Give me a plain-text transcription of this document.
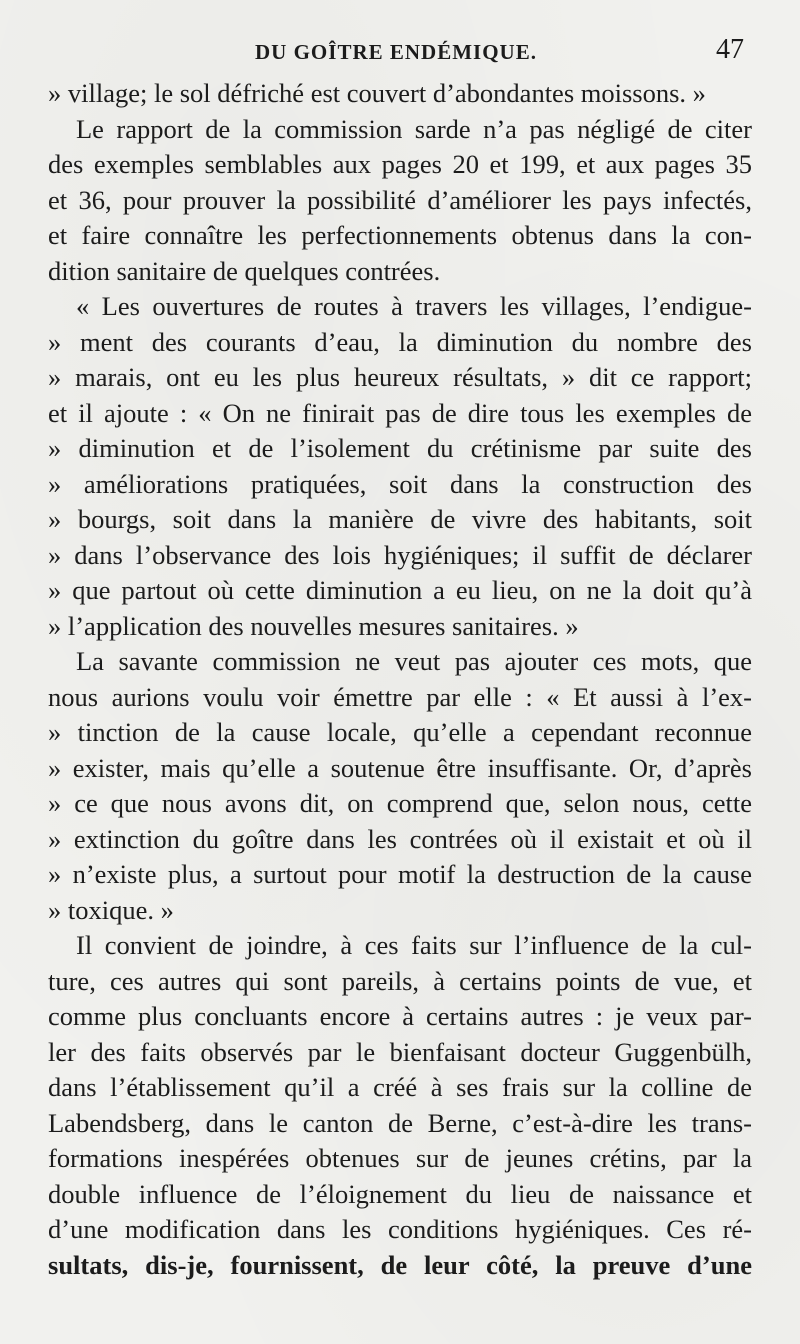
DU GOÎTRE ENDÉMIQUE.	47
» village; le sol défriché est couvert d’abondantes moissons. »
Le rapport de la commission sarde n’a pas négligé de citer
des exemples semblables aux pages 20 et 199, et aux pages 35
et 36, pour prouver la possibilité d’améliorer les pays infectés,
et faire connaître les perfectionnements obtenus dans la con-
dition sanitaire de quelques contrées.
« Les ouvertures de routes à travers les villages, l’endigue-
» ment des courants d’eau, la diminution du nombre des
» marais, ont eu les plus heureux résultats, » dit ce rapport;
et il ajoute : « On ne finirait pas de dire tous les exemples de
» diminution et de l’isolement du crétinisme par suite des
» améliorations pratiquées, soit dans la construction des
» bourgs, soit dans la manière de vivre des habitants, soit
» dans l’observance des lois hygiéniques; il suffit de déclarer
» que partout où cette diminution a eu lieu, on ne la doit qu’à
» l’application des nouvelles mesures sanitaires. »
La savante commission ne veut pas ajouter ces mots, que
nous aurions voulu voir émettre par elle : « Et aussi à l’ex-
» tinction de la cause locale, qu’elle a cependant reconnue
» exister, mais qu’elle a soutenue être insuffisante. Or, d’après
» ce que nous avons dit, on comprend que, selon nous, cette
» extinction du goître dans les contrées où il existait et où il
» n’existe plus, a surtout pour motif la destruction de la cause
» toxique. »
Il convient de joindre, à ces faits sur l’influence de la cul-
ture, ces autres qui sont pareils, à certains points de vue, et
comme plus concluants encore à certains autres : je veux par-
ler des faits observés par le bienfaisant docteur Guggenbülh,
dans l’établissement qu’il a créé à ses frais sur la colline de
Labendsberg, dans le canton de Berne, c’est-à-dire les trans-
formations inespérées obtenues sur de jeunes crétins, par la
double influence de l’éloignement du lieu de naissance et
d’une modification dans les conditions hygiéniques. Ces ré-
sultats, dis-je, fournissent, de leur côté, la preuve d’une
